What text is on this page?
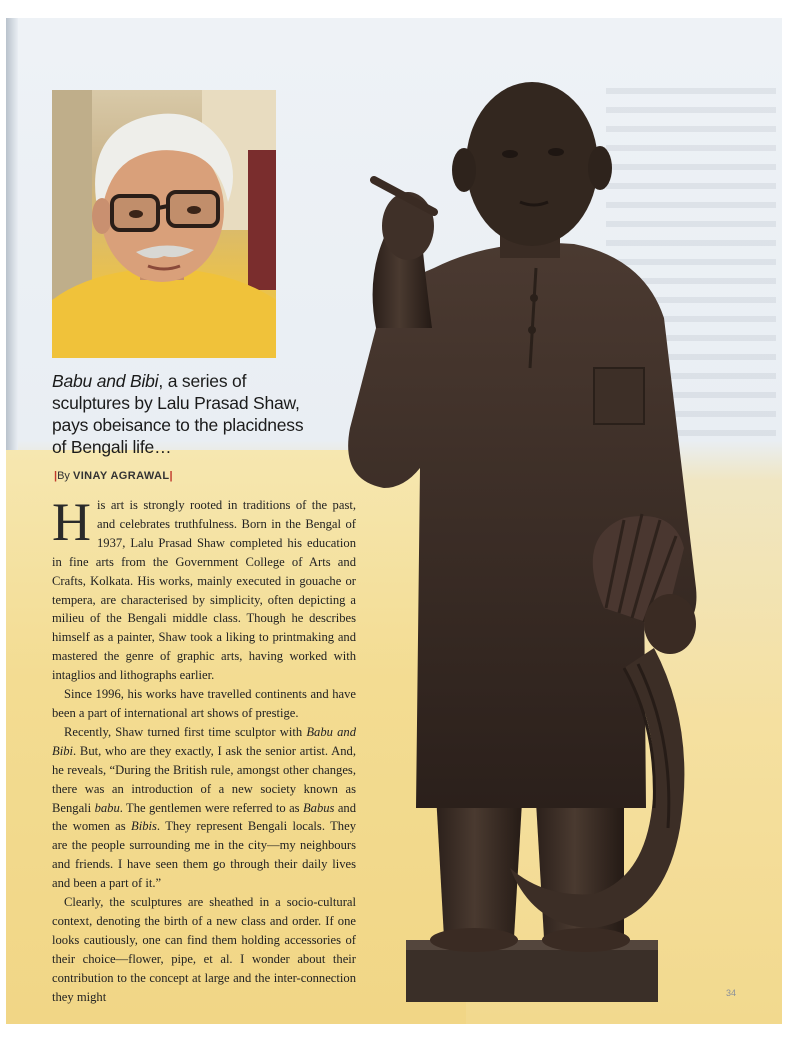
Babu and Bibi, a series of sculptures by Lalu Prasad Shaw, pays obeisance to the placidness of Bengali life…

|By VINAY AGRAWAL|

His art is strongly rooted in traditions of the past, and celebrates truthfulness. Born in the Bengal of 1937, Lalu Prasad Shaw completed his education in fine arts from the Government College of Arts and Crafts, Kolkata. His works, mainly executed in gouache or tempera, are characterised by simplicity, often depicting a milieu of the Bengali middle class. Though he describes himself as a painter, Shaw took a liking to printmaking and mastered the genre of graphic arts, having worked with intaglios and lithographs earlier.

Since 1996, his works have travelled continents and have been a part of international art shows of prestige.

Recently, Shaw turned first time sculptor with Babu and Bibi. But, who are they exactly, I ask the senior artist. And, he reveals, “During the British rule, amongst other changes, there was an introduction of a new society known as Bengali babu. The gentlemen were referred to as Babus and the women as Bibis. They represent Bengali locals. They are the people surrounding me in the city—my neighbours and friends. I have seen them go through their daily lives and been a part of it.”

Clearly, the sculptures are sheathed in a socio-cultural context, denoting the birth of a new class and order. If one looks cautiously, one can find them holding accessories of their choice—flower, pipe, et al. I wonder about their contribution to the concept at large and the inter-connection they might	34
